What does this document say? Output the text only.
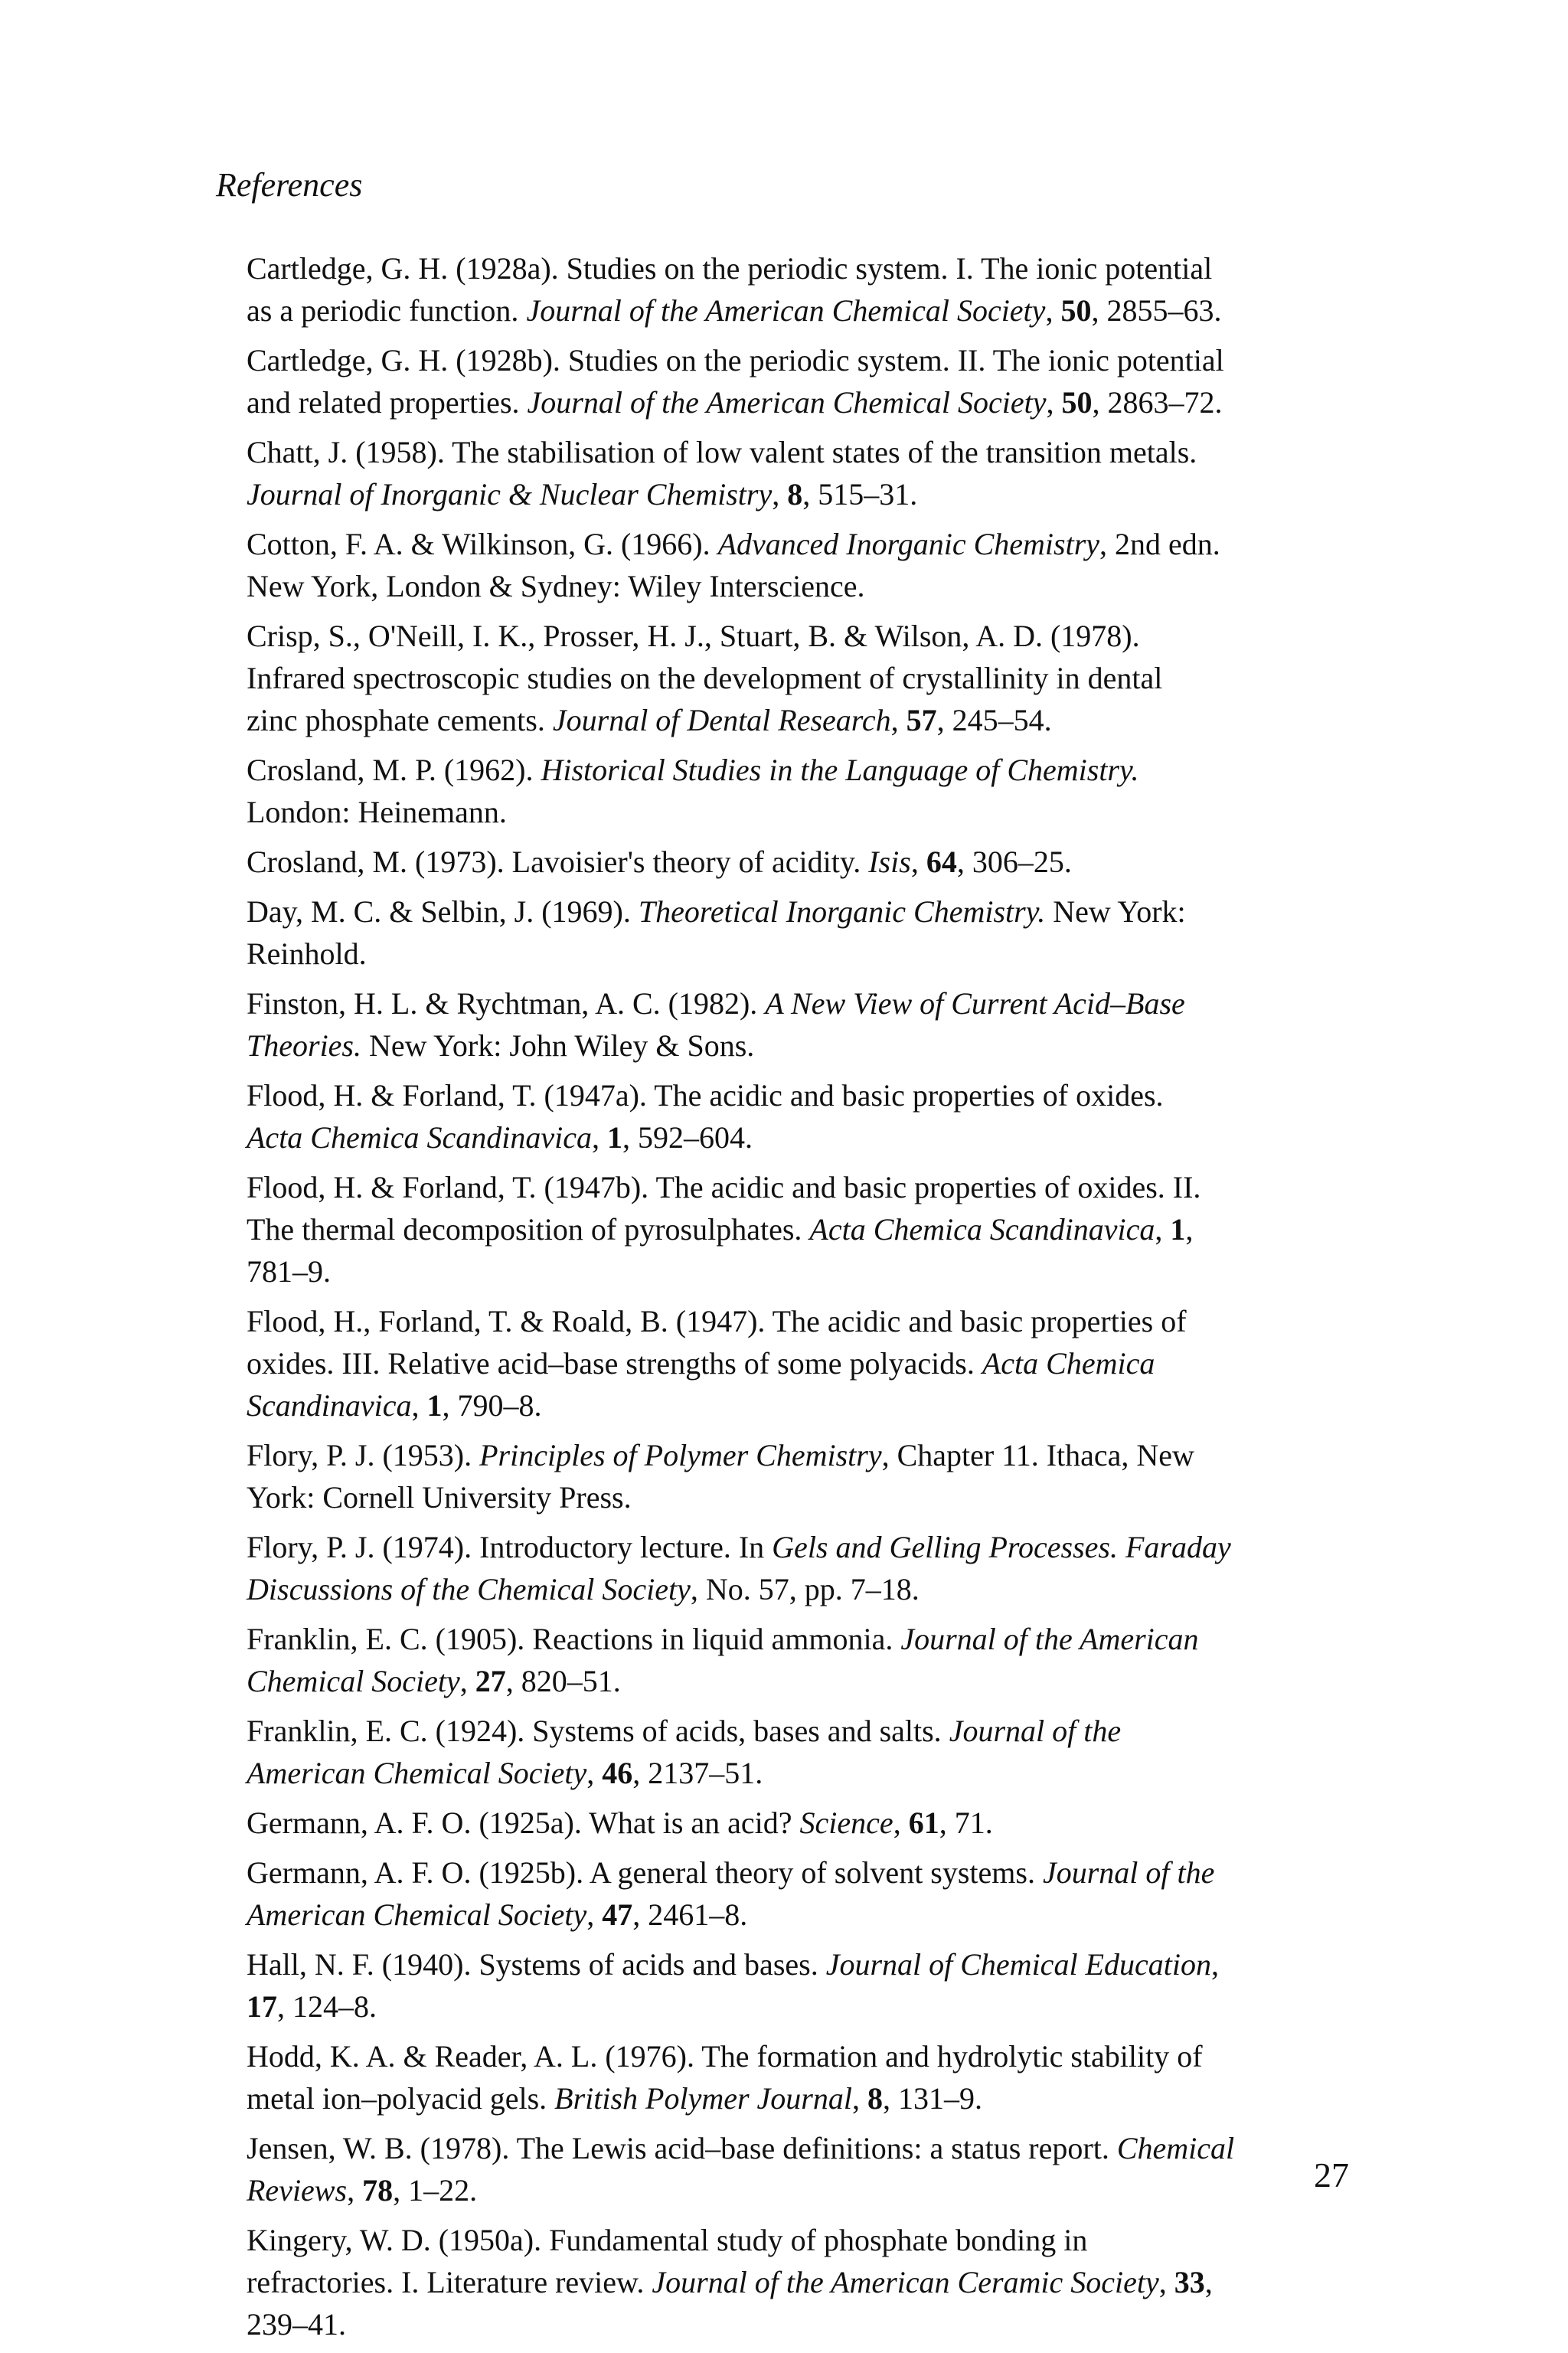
References
Cartledge, G. H. (1928a). Studies on the periodic system. I. The ionic potential
as a periodic function. Journal of the American Chemical Society, 50, 2855–63.
Cartledge, G. H. (1928b). Studies on the periodic system. II. The ionic potential
and related properties. Journal of the American Chemical Society, 50, 2863–72.
Chatt, J. (1958). The stabilisation of low valent states of the transition metals.
Journal of Inorganic & Nuclear Chemistry, 8, 515–31.
Cotton, F. A. & Wilkinson, G. (1966). Advanced Inorganic Chemistry, 2nd edn.
New York, London & Sydney: Wiley Interscience.
Crisp, S., O'Neill, I. K., Prosser, H. J., Stuart, B. & Wilson, A. D. (1978).
Infrared spectroscopic studies on the development of crystallinity in dental
zinc phosphate cements. Journal of Dental Research, 57, 245–54.
Crosland, M. P. (1962). Historical Studies in the Language of Chemistry.
London: Heinemann.
Crosland, M. (1973). Lavoisier's theory of acidity. Isis, 64, 306–25.
Day, M. C. & Selbin, J. (1969). Theoretical Inorganic Chemistry. New York:
Reinhold.
Finston, H. L. & Rychtman, A. C. (1982). A New View of Current Acid–Base
Theories. New York: John Wiley & Sons.
Flood, H. & Forland, T. (1947a). The acidic and basic properties of oxides.
Acta Chemica Scandinavica, 1, 592–604.
Flood, H. & Forland, T. (1947b). The acidic and basic properties of oxides. II.
The thermal decomposition of pyrosulphates. Acta Chemica Scandinavica, 1,
781–9.
Flood, H., Forland, T. & Roald, B. (1947). The acidic and basic properties of
oxides. III. Relative acid–base strengths of some polyacids. Acta Chemica
Scandinavica, 1, 790–8.
Flory, P. J. (1953). Principles of Polymer Chemistry, Chapter 11. Ithaca, New
York: Cornell University Press.
Flory, P. J. (1974). Introductory lecture. In Gels and Gelling Processes. Faraday
Discussions of the Chemical Society, No. 57, pp. 7–18.
Franklin, E. C. (1905). Reactions in liquid ammonia. Journal of the American
Chemical Society, 27, 820–51.
Franklin, E. C. (1924). Systems of acids, bases and salts. Journal of the
American Chemical Society, 46, 2137–51.
Germann, A. F. O. (1925a). What is an acid? Science, 61, 71.
Germann, A. F. O. (1925b). A general theory of solvent systems. Journal of the
American Chemical Society, 47, 2461–8.
Hall, N. F. (1940). Systems of acids and bases. Journal of Chemical Education,
17, 124–8.
Hodd, K. A. & Reader, A. L. (1976). The formation and hydrolytic stability of
metal ion–polyacid gels. British Polymer Journal, 8, 131–9.
Jensen, W. B. (1978). The Lewis acid–base definitions: a status report. Chemical
Reviews, 78, 1–22.
Kingery, W. D. (1950a). Fundamental study of phosphate bonding in
refractories. I. Literature review. Journal of the American Ceramic Society, 33,
239–41.
27
